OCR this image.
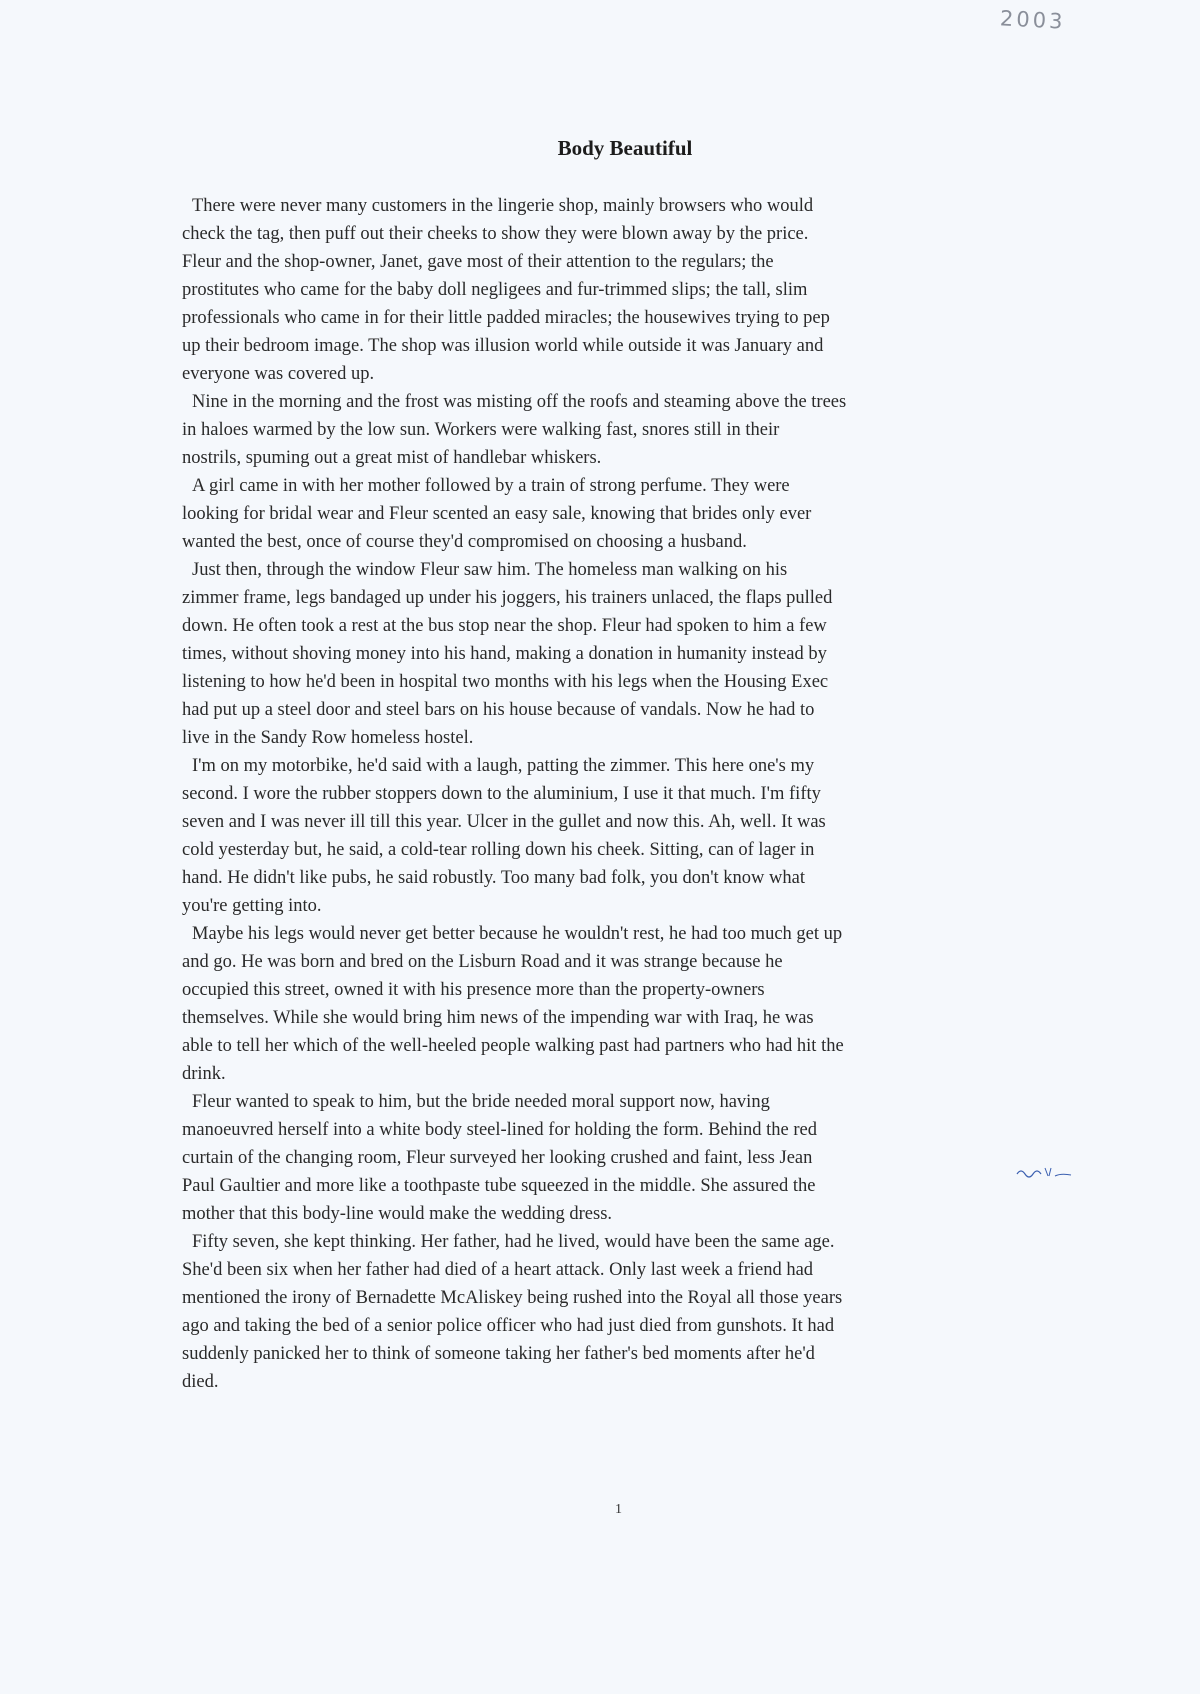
2003
Body Beautiful
There were never many customers in the lingerie shop, mainly browsers who would
check the tag, then puff out their cheeks to show they were blown away by the price.
Fleur and the shop-owner, Janet, gave most of their attention to the regulars; the
prostitutes who came for the baby doll negligees and fur-trimmed slips; the tall, slim
professionals who came in for their little padded miracles; the housewives trying to pep
up their bedroom image. The shop was illusion world while outside it was January and
everyone was covered up.
Nine in the morning and the frost was misting off the roofs and steaming above the trees
in haloes warmed by the low sun. Workers were walking fast, snores still in their
nostrils, spuming out a great mist of handlebar whiskers.
A girl came in with her mother followed by a train of strong perfume. They were
looking for bridal wear and Fleur scented an easy sale, knowing that brides only ever
wanted the best, once of course they'd compromised on choosing a husband.
Just then, through the window Fleur saw him. The homeless man walking on his
zimmer frame, legs bandaged up under his joggers, his trainers unlaced, the flaps pulled
down. He often took a rest at the bus stop near the shop. Fleur had spoken to him a few
times, without shoving money into his hand, making a donation in humanity instead by
listening to how he'd been in hospital two months with his legs when the Housing Exec
had put up a steel door and steel bars on his house because of vandals. Now he had to
live in the Sandy Row homeless hostel.
I'm on my motorbike, he'd said with a laugh, patting the zimmer. This here one's my
second. I wore the rubber stoppers down to the aluminium, I use it that much. I'm fifty
seven and I was never ill till this year. Ulcer in the gullet and now this. Ah, well. It was
cold yesterday but, he said, a cold-tear rolling down his cheek. Sitting, can of lager in
hand. He didn't like pubs, he said robustly. Too many bad folk, you don't know what
you're getting into.
Maybe his legs would never get better because he wouldn't rest, he had too much get up
and go. He was born and bred on the Lisburn Road and it was strange because he
occupied this street, owned it with his presence more than the property-owners
themselves. While she would bring him news of the impending war with Iraq, he was
able to tell her which of the well-heeled people walking past had partners who had hit the
drink.
Fleur wanted to speak to him, but the bride needed moral support now, having
manoeuvred herself into a white body steel-lined for holding the form. Behind the red
curtain of the changing room, Fleur surveyed her looking crushed and faint, less Jean
Paul Gaultier and more like a toothpaste tube squeezed in the middle. She assured the
mother that this body-line would make the wedding dress.
Fifty seven, she kept thinking. Her father, had he lived, would have been the same age.
She'd been six when her father had died of a heart attack. Only last week a friend had
mentioned the irony of Bernadette McAliskey being rushed into the Royal all those years
ago and taking the bed of a senior police officer who had just died from gunshots. It had
suddenly panicked her to think of someone taking her father's bed moments after he'd
died.
1
